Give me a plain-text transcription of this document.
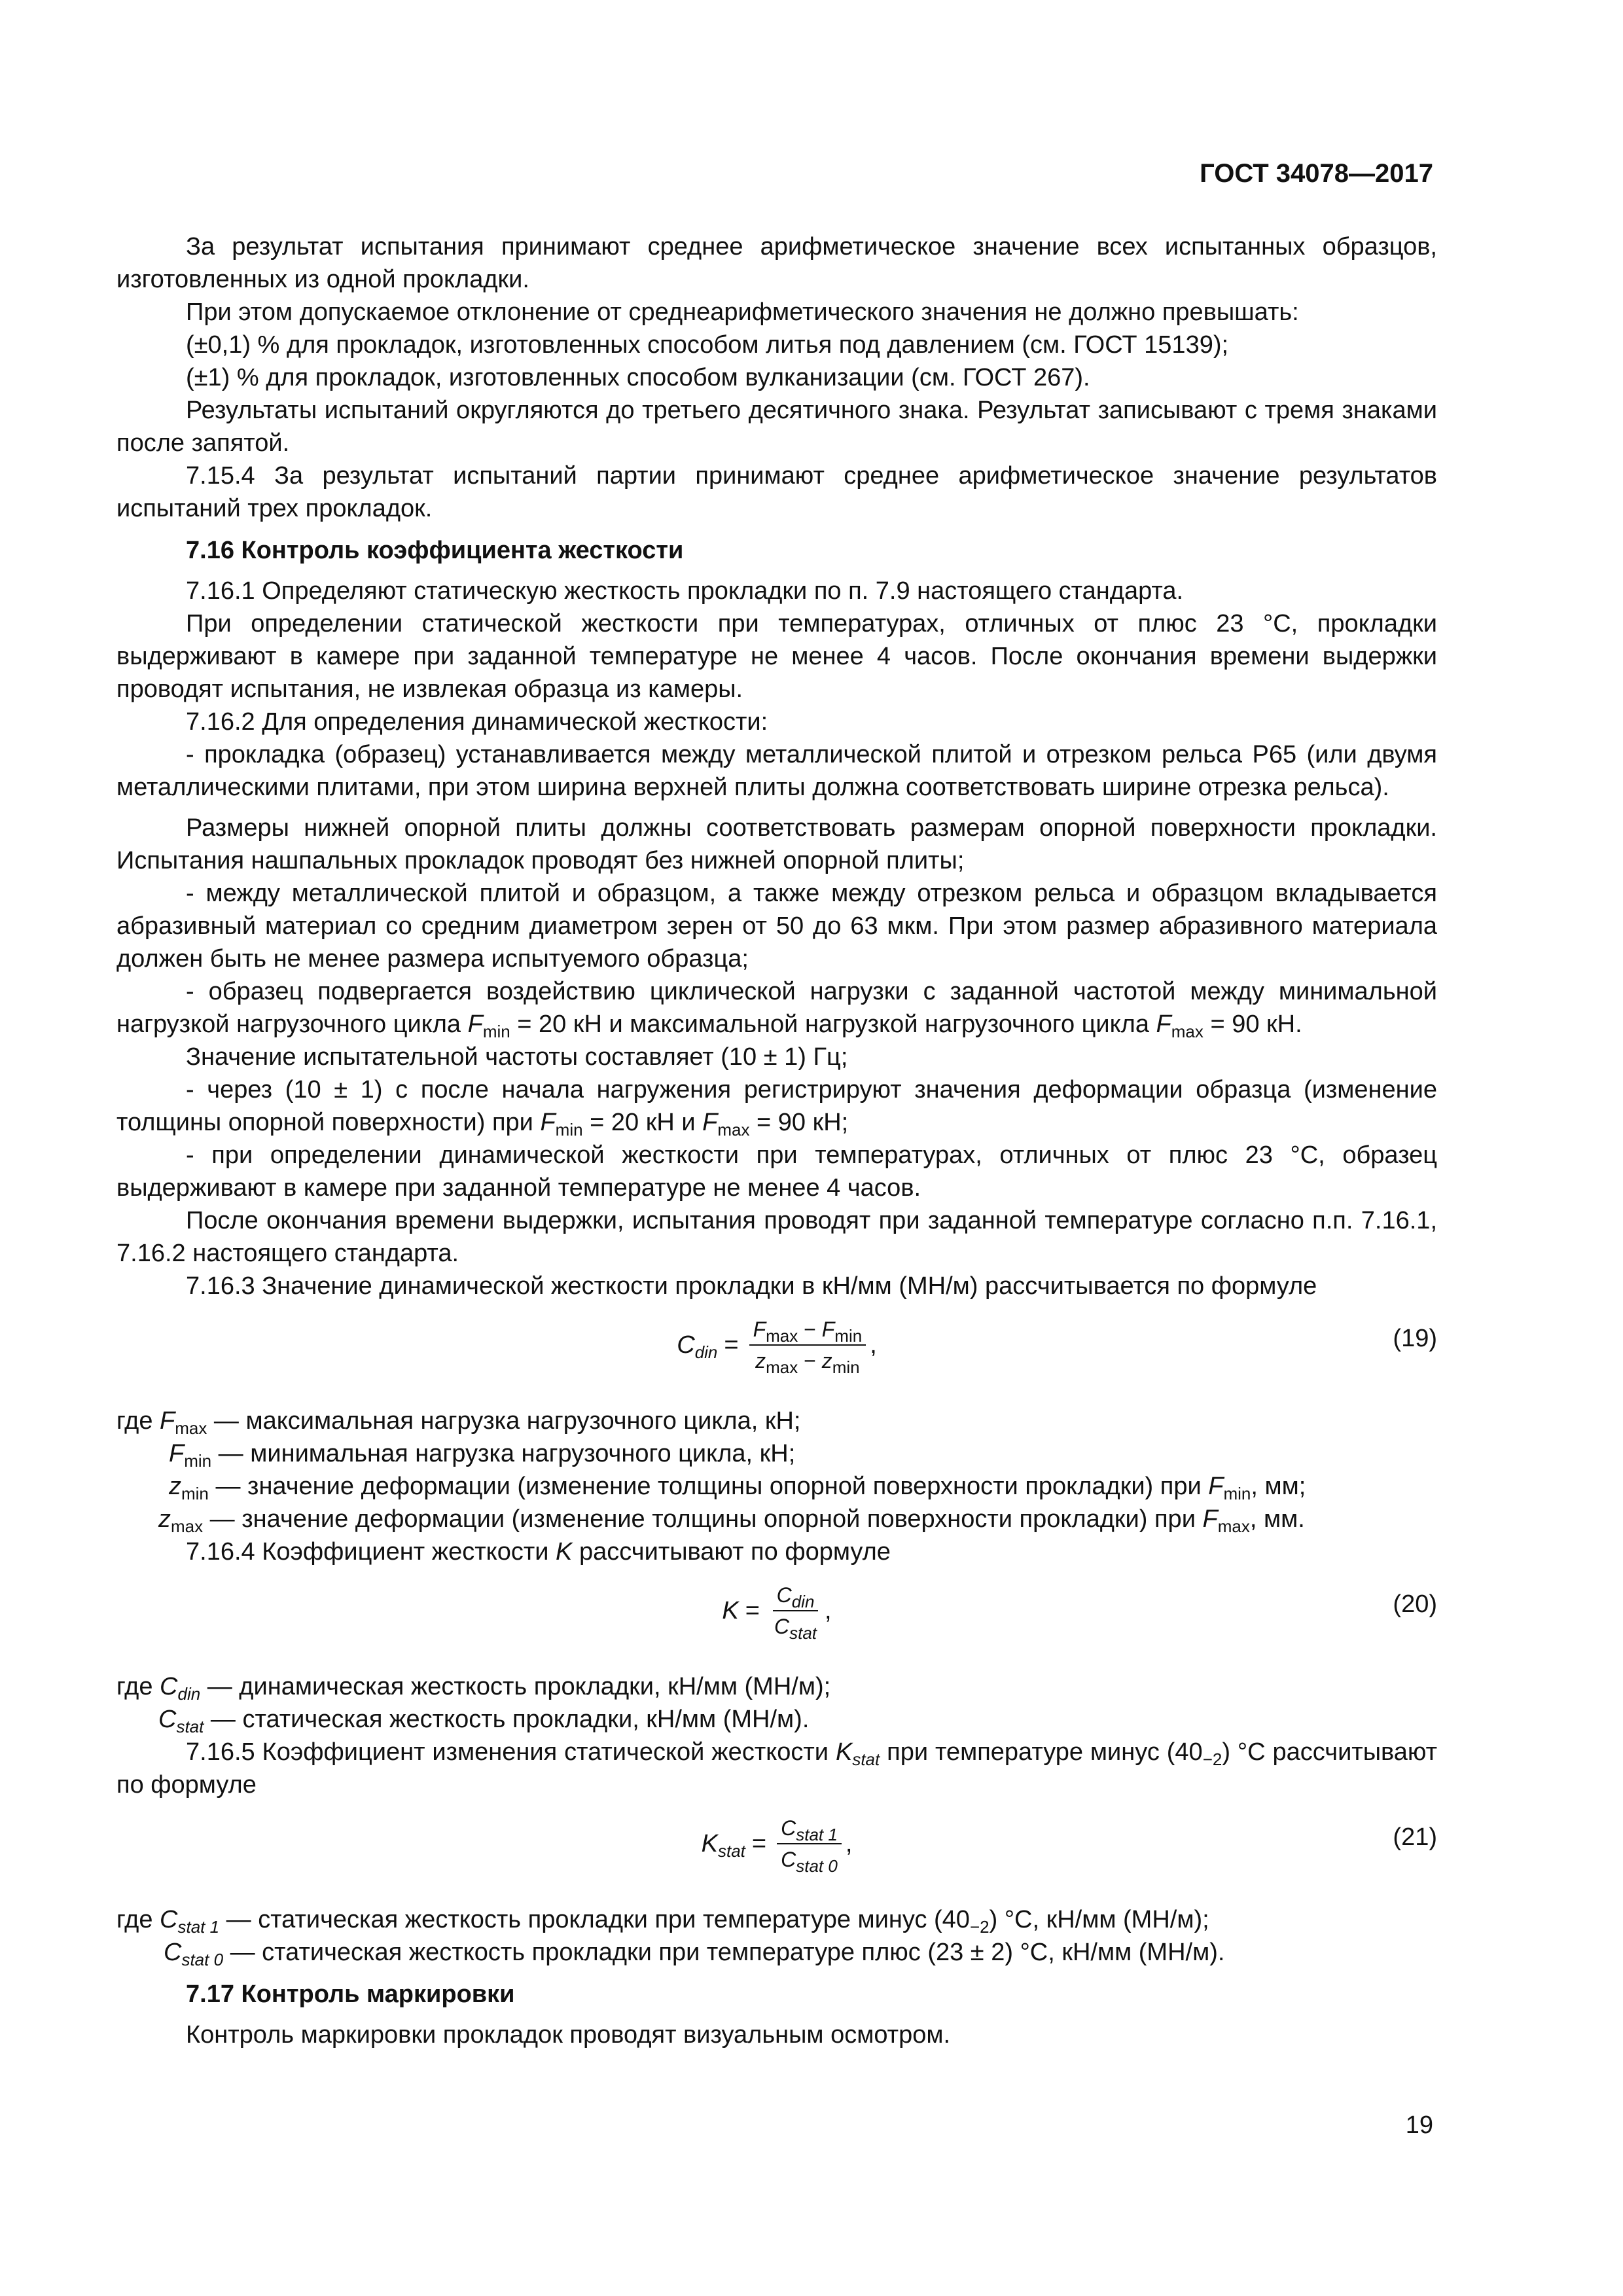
ГОСТ 34078—2017

За результат испытания принимают среднее арифметическое значение всех испытанных образцов, изготовленных из одной прокладки.

При этом допускаемое отклонение от среднеарифметического значения не должно превышать:

(±0,1) % для прокладок, изготовленных способом литья под давлением (см. ГОСТ 15139);

(±1) % для прокладок, изготовленных способом вулканизации (см. ГОСТ 267).

Результаты испытаний округляются до третьего десятичного знака. Результат записывают с тремя знаками после запятой.

7.15.4 За результат испытаний партии принимают среднее арифметическое значение результатов испытаний трех прокладок.

7.16 Контроль коэффициента жесткости

7.16.1 Определяют статическую жесткость прокладки по п. 7.9 настоящего стандарта.

При определении статической жесткости при температурах, отличных от плюс 23 °С, прокладки выдерживают в камере при заданной температуре не менее 4 часов. После окончания времени выдержки проводят испытания, не извлекая образца из камеры.

7.16.2 Для определения динамической жесткости:

- прокладка (образец) устанавливается между металлической плитой и отрезком рельса Р65 (или двумя металлическими плитами, при этом ширина верхней плиты должна соответствовать ширине отрезка рельса).

Размеры нижней опорной плиты должны соответствовать размерам опорной поверхности прокладки. Испытания нашпальных прокладок проводят без нижней опорной плиты;

- между металлической плитой и образцом, а также между отрезком рельса и образцом вкладывается абразивный материал со средним диаметром зерен от 50 до 63 мкм. При этом размер абразивного материала должен быть не менее размера испытуемого образца;

- образец подвергается воздействию циклической нагрузки с заданной частотой между минимальной нагрузкой нагрузочного цикла $F_{min} = 20$ кН и максимальной нагрузкой нагрузочного цикла $F_{max} = 90$ кН.

Значение испытательной частоты составляет (10 ± 1) Гц;

- через (10 ± 1) с после начала нагружения регистрируют значения деформации образца (изменение толщины опорной поверхности) при $F_{min} = 20$ кН и $F_{max} = 90$ кН;

- при определении динамической жесткости при температурах, отличных от плюс 23 °С, образец выдерживают в камере при заданной температуре не менее 4 часов.

После окончания времени выдержки, испытания проводят при заданной температуре согласно п.п. 7.16.1, 7.16.2 настоящего стандарта.

7.16.3 Значение динамической жесткости прокладки в кН/мм (МН/м) рассчитывается по формуле

$C_{din} = \frac{F_{max} - F_{min}}{z_{max} - z_{min}}$ ,	(19)
где $F_{max}$ — максимальная нагрузка нагрузочного цикла, кН;
$F_{min}$ — минимальная нагрузка нагрузочного цикла, кН;
$z_{min}$ — значение деформации (изменение толщины опорной поверхности прокладки) при $F_{min}$, мм;
$z_{max}$ — значение деформации (изменение толщины опорной поверхности прокладки) при $F_{max}$, мм.

7.16.4 Коэффициент жесткости K рассчитывают по формуле

$K = \frac{C_{din}}{C_{stat}}$ ,	(20)
где $C_{din}$ — динамическая жесткость прокладки, кН/мм (МН/м);
$C_{stat}$ — статическая жесткость прокладки, кН/мм (МН/м).

7.16.5 Коэффициент изменения статической жесткости $K_{stat}$ при температуре минус $(40_{-2})$ °С рассчитывают по формуле

$K_{stat} = \frac{C_{stat 1}}{C_{stat 0}}$ ,	(21)
где $C_{stat 1}$ — статическая жесткость прокладки при температуре минус $(40_{-2})$ °С, кН/мм (МН/м);
$C_{stat 0}$ — статическая жесткость прокладки при температуре плюс (23 ± 2) °С, кН/мм (МН/м).

7.17 Контроль маркировки

Контроль маркировки прокладок проводят визуальным осмотром.

19
